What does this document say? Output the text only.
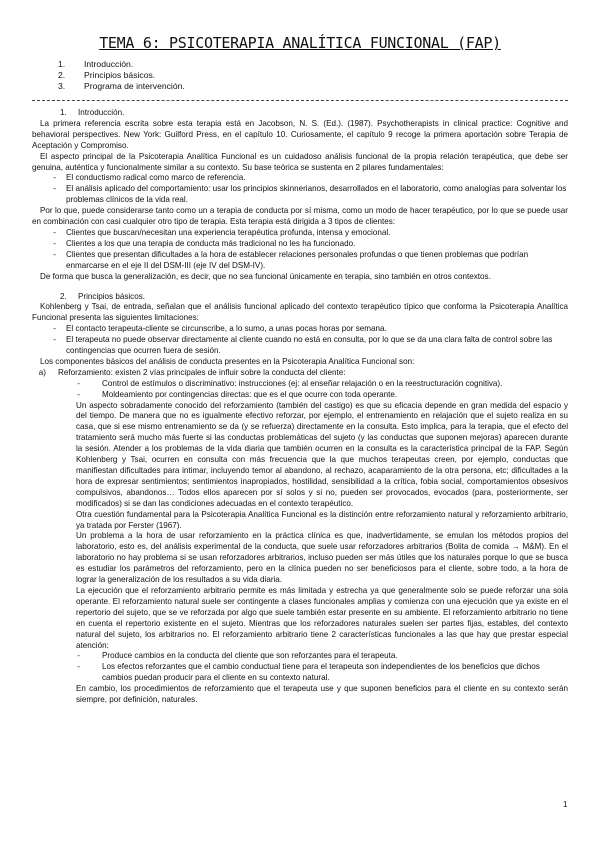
TEMA 6: PSICOTERAPIA ANALÍTICA FUNCIONAL (FAP)
1.	Introducción.
2.	Principios básicos.
3.	Programa de intervención.
1.	Introducción.

La primera referencia escrita sobre esta terapia está en Jacobson, N. S. (Ed.). (1987). Psychotherapists in clinical practice: Cognitive and behavioral perspectives. New York: Guilford Press, en el capítulo 10. Curiosamente, el capítulo 9 recoge la primera aportación sobre Terapia de Aceptación y Compromiso.

El aspecto principal de la Psicoterapia Analítica Funcional es un cuidadoso análisis funcional de la propia relación terapéutica, que debe ser genuina, auténtica y funcionalmente similar a su contexto. Su base teórica se sustenta en 2 pilares fundamentales:

-	El conductismo radical como marco de referencia.
-	El análisis aplicado del comportamiento: usar los principios skinnerianos, desarrollados en el laboratorio, como analogías para solventar los problemas clínicos de la vida real.

Por lo que, puede considerarse tanto como un a terapia de conducta por sí misma, como un modo de hacer terapéutico, por lo que se puede usar en combinación con casi cualquier otro tipo de terapia. Esta terapia está dirigida a 3 tipos de clientes:

-	Clientes que buscan/necesitan una experiencia terapéutica profunda, intensa y emocional.
-	Clientes a los que una terapia de conducta más tradicional no les ha funcionado.
-	Clientes que presentan dificultades a la hora de establecer relaciones personales profundas o que tienen problemas que podrían enmarcarse en el eje II del DSM-III (eje IV del DSM-IV).

De forma que busca la generalización, es decir, que no sea funcional únicamente en terapia, sino también en otros contextos.

2.	Principios básicos.

Kohlenberg y Tsai, de entrada, señalan que el análisis funcional aplicado del contexto terapéutico típico que conforma la Psicoterapia Analítica Funcional presenta las siguientes limitaciones:

-	El contacto terapeuta-cliente se circunscribe, a lo sumo, a unas pocas horas por semana.
-	El terapeuta no puede observar directamente al cliente cuando no está en consulta, por lo que se da una clara falta de control sobre las contingencias que ocurren fuera de sesión.

Los componentes básicos del análisis de conducta presentes en la Psicoterapia Analítica Funcional son:

a)	Reforzamiento: existen 2 vías principales de influir sobre la conducta del cliente:
-	Control de estímulos o discriminativo: instrucciones (ej: al enseñar relajación o en la reestructuración cognitiva).
-	Moldeamiento por contingencias directas: que es el que ocurre con toda operante.

Un aspecto sobradamente conocido del reforzamiento (también del castigo) es que su eficacia depende en gran medida del espacio y del tiempo. De manera que no es igualmente efectivo reforzar, por ejemplo, el entrenamiento en relajación que el sujeto realiza en su casa, que si ese mismo entrenamiento se da (y se refuerza) directamente en la consulta. Esto implica, para la terapia, que el efecto del tratamiento será mucho más fuerte si las conductas problemáticas del sujeto (y las conductas que suponen mejoras) aparecen durante la sesión. Atender a los problemas de la vida diaria que también ocurren en la consulta es la característica principal de la FAP. Según Kohlenberg y Tsai, ocurren en consulta con más frecuencia que la que muchos terapeutas creen, por ejemplo, conductas que manifiestan dificultades para intimar, incluyendo temor al abandono, al rechazo, acaparamiento de la otra persona, etc; dificultades a la hora de expresar sentimientos; sentimientos inapropiados, hostilidad, sensibilidad a la crítica, fobia social, comportamientos obsesivos compulsivos, abandonos… Todos ellos aparecen por sí solos y si no, pueden ser provocados, evocados (para, posteriormente, ser modificados) si se dan las condiciones adecuadas en el contexto terapéutico.

Otra cuestión fundamental para la Psicoterapia Analítica Funcional es la distinción entre reforzamiento natural y reforzamiento arbitrario, ya tratada por Ferster (1967).

Un problema a la hora de usar reforzamiento en la práctica clínica es que, inadvertidamente, se emulan los métodos propios del laboratorio, esto es, del análisis experimental de la conducta, que suele usar reforzadores arbitrarios (Bolita de comida → M&M). En el laboratorio no hay problema si se usan reforzadores arbitrarios, incluso pueden ser más útiles que los naturales porque lo que se busca es estudiar los parámetros del reforzamiento, pero en la clínica pueden no ser beneficiosos para el cliente, sobre todo, a la hora de lograr la generalización de los resultados a su vida diaria.

La ejecución que el reforzamiento arbitrario permite es más limitada y estrecha ya que generalmente solo se puede reforzar una sola operante. El reforzamiento natural suele ser contingente a clases funcionales amplias y comienza con una ejecución que ya existe en el repertorio del sujeto, que se ve reforzada por algo que suele también estar presente en su ambiente. El reforzamiento arbitrario no tiene en cuenta el repertorio existente en el sujeto. Mientras que los reforzadores naturales suelen ser partes fijas, estables, del contexto natural del sujeto, los arbitrarios no. El reforzamiento arbitrario tiene 2 características funcionales a las que hay que prestar especial atención:

-	Produce cambios en la conducta del cliente que son reforzantes para el terapeuta.
-	Los efectos reforzantes que el cambio conductual tiene para el terapeuta son independientes de los beneficios que dichos cambios puedan producir para el cliente en su contexto natural.

En cambio, los procedimientos de reforzamiento que el terapeuta use y que suponen beneficios para el cliente en su contexto serán siempre, por definición, naturales.

1
